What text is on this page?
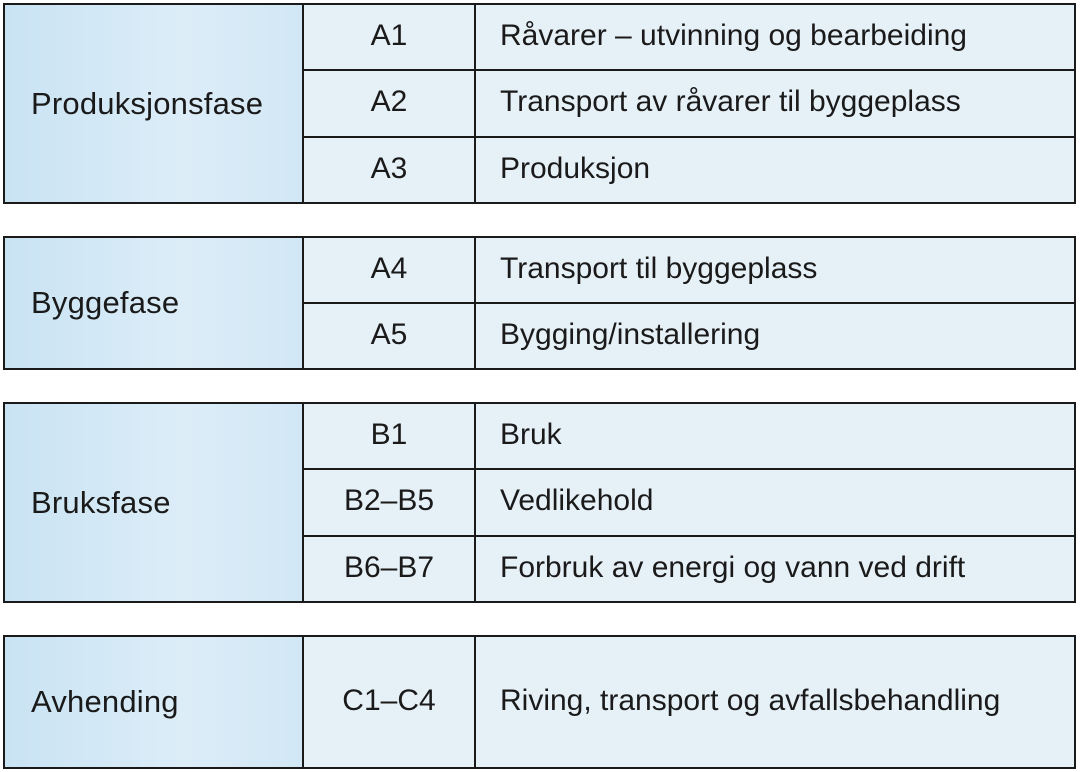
Produksjonsfase
A1	Råvarer – utvinning og bearbeiding
A2	Transport av råvarer til byggeplass
A3	Produksjon
Byggefase
A4	Transport til byggeplass
A5	Bygging/installering
Bruksfase
B1	Bruk
B2–B5	Vedlikehold
B6–B7	Forbruk av energi og vann ved drift
Avhending	C1–C4	Riving, transport og avfallsbehandling
